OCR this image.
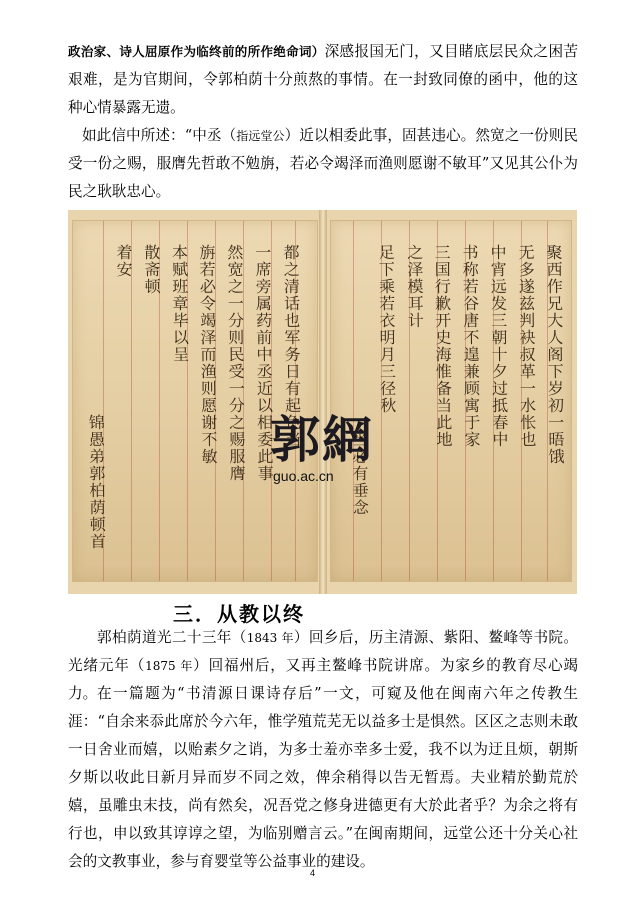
政治家、诗人屈原作为临终前的所作绝命词）深感报国无门，又目睹底层民众之困苦艰难，是为官期间，令郭柏荫十分煎熬的事情。在一封致同僚的函中，他的这种心情暴露无遗。

如此信中所述：“中丞（指远堂公）近以相委此事，固甚违心。然宽之一份则民受一份之赐，服膺先哲敢不勉旃，若必令竭泽而渔则愿谢不敏耳”又见其公仆为民之耿耿忠心。

聚西作兄大人阁下岁初一晤饿
无多遂兹判袂叔革一水怅也
中宵远发三朝十夕过抵春中
书称若谷唐不遑兼顾寓于家
三国行歉开史海惟备当此地
之泽模耳计
足下乘若衣明月三径秋
　　　　　　　　　　　当必有垂念
都之清话也军务日有起色当
一席旁属药前中丞近以相委此事
然宽之一分则民受一分之赐服膺
旃若必令竭泽而渔则愿谢不敏
本赋班章毕以呈
散斋顿
着安
　　　　　　　　　　锦愚弟郭柏荫顿首	郭網
guo.ac.cn
三．从教以终

郭柏荫道光二十三年（1843 年）回乡后，历主清源、紫阳、鳌峰等书院。光绪元年（1875 年）回福州后，又再主鳌峰书院讲席。为家乡的教育尽心竭力。 在一篇题为“书清源日课诗存后”一文，可窥及他在闽南六年之传教生涯：“自余来忝此席於今六年，惟学殖荒芜无以益多士是惧然。区区之志则未敢一日舍业而嬉，以贻素夕之诮，为多士羞亦幸多士爱，我不以为迂且烦，朝斯夕斯以收此日新月异而岁不同之效，俾余稍得以告无暂焉。夫业精於勤荒於嬉，虽雕虫末技，尚有然矣，况吾党之修身进德更有大於此者乎？为余之将有行也，申以致其谆谆之望，为临别赠言云。”在闽南期间，远堂公还十分关心社会的文教事业，参与育婴堂等公益事业的建设。

4
